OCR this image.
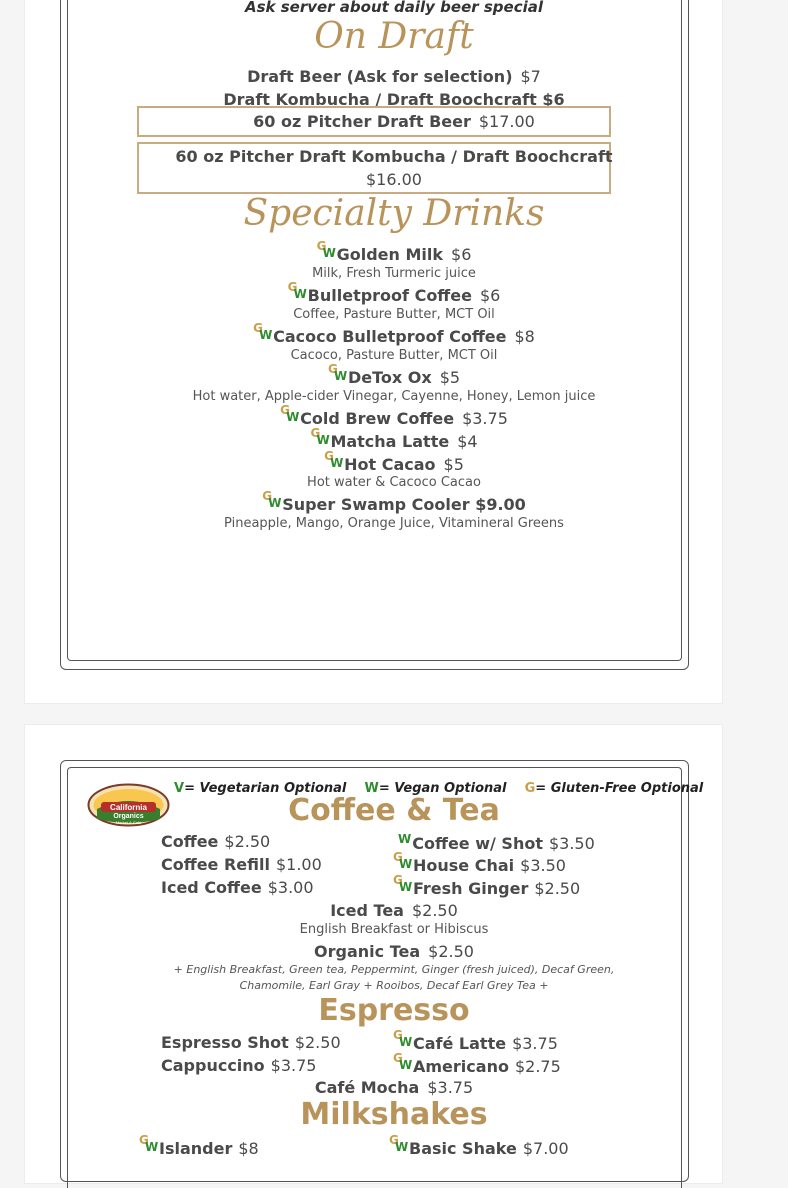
Ask server about daily beer special
On Draft
Draft Beer (Ask for selection) $7
Draft Kombucha / Draft Boochcraft $6
60 oz Pitcher Draft Beer $17.00
60 oz Pitcher Draft Kombucha / Draft Boochcraft
$16.00
Specialty Drinks
G
W Golden Milk $6
Milk, Fresh Turmeric juice
G
W Bulletproof Coffee $6
Coffee, Pasture Butter, MCT Oil
G
W Cacoco Bulletproof Coffee $8
Cacoco, Pasture Butter, MCT Oil
G
W DeTox Ox $5
Hot water, Apple-cider Vinegar, Cayenne, Honey, Lemon juice
G
W Cold Brew Coffee $3.75
G
W Matcha Latte $4
G
W Hot Cacao $5
Hot water & Cacoco Cacao
G
W Super Swamp Cooler $9.00
Pineapple, Mango, Orange Juice, Vitamineral Greens
California
Organics
Market & Café
V= Vegetarian Optional W= Vegan Optional G= Gluten-Free Optional
Coffee & Tea
Coffee $2.50
Coffee Refill $1.00
Iced Coffee $3.00
$^W$Coffee w/ Shot $3.50
G
W House Chai $3.50
G
W Fresh Ginger $2.50
Iced Tea $2.50
English Breakfast or Hibiscus
Organic Tea $2.50
+ English Breakfast, Green tea, Peppermint, Ginger (fresh juiced), Decaf Green,
Chamomile, Earl Gray + Rooibos, Decaf Earl Grey Tea +
Espresso
Espresso Shot $2.50
Cappuccino $3.75
G
W Café Latte $3.75
G
W Americano $2.75
Café Mocha $3.75
Milkshakes
G
W Islander $8	G
W Basic Shake $7.00
